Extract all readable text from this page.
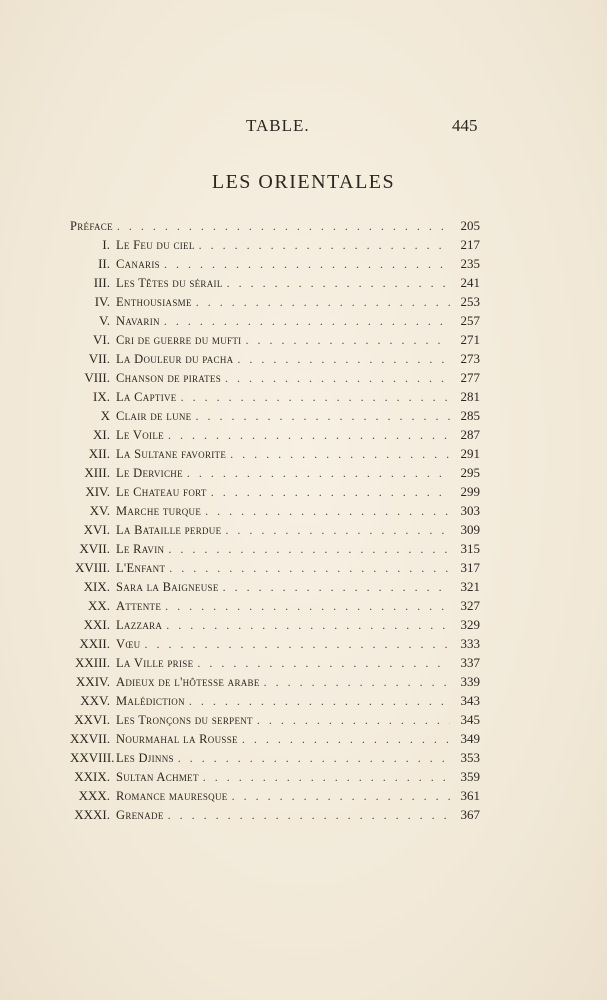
TABLE.	445
LES ORIENTALES
Préface . . .	205
I. Le Feu du ciel . . .	217
II. Canaris . . .	235
III. Les Têtes du sérail . . .	241
IV. Enthousiasme . . .	253
V. Navarin . . .	257
VI. Cri de guerre du mufti . . .	271
VII. La Douleur du pacha . . .	273
VIII. Chanson de pirates . . .	277
IX. La Captive . . .	281
X Clair de lune . . .	285
XI. Le Voile . . .	287
XII. La Sultane favorite . . .	291
XIII. Le Derviche . . .	295
XIV. Le Chateau fort . . .	299
XV. Marche turque . . .	303
XVI. La Bataille perdue . . .	309
XVII. Le Ravin . . .	315
XVIII. L'Enfant . . .	317
XIX. Sara la Baigneuse . . .	321
XX. Attente . . .	327
XXI. Lazzara . . .	329
XXII. Vœu . . .	333
XXIII. La Ville prise . . .	337
XXIV. Adieux de l'hôtesse arabe . . .	339
XXV. Malédiction . . .	343
XXVI. Les Tronçons du serpent . . .	345
XXVII. Nourmahal la Rousse . . .	349
XXVIII. Les Djinns . . .	353
XXIX. Sultan Achmet . . .	359
XXX. Romance mauresque . . .	361
XXXI. Grenade . . .	367
